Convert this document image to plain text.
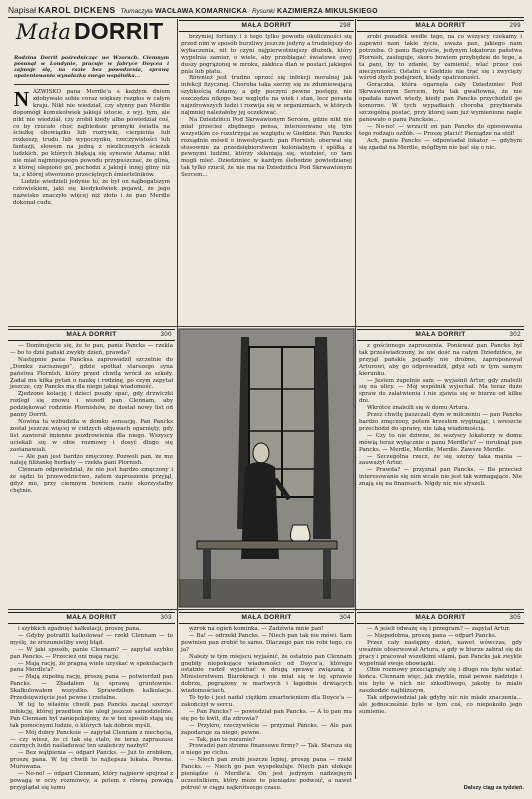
Napisał KAROL DICKENS Tłumaczyła WACŁAWA KOMARNICKA Rysunki KAZIMIERZA MIKULSKIEGO
Mała DORRIT
Rodzina Dorrit pośrednicząc we Wzorach. Ciemnym posunął w Londynie, pracuje w fabryce Doycea i zajmuje się, na razie bez powodzenia, sprawą opatentowania wynalazku swego wspólnika...
N AZWISKO pana Merdle'a s każdym dniem zdobywało sobie coraz większy rozgłos w całym kraju. Nikt nie wiedział, czy słynny pan Merdle dopomógł komukolwiek jakiejś istocie, z wyj. tym, ale nikt nie wiedział, czy zrobił kiedy albo powiedział coś, co by rzucało choć najbledsze promyki światła na ścieżkę obowiązku lub rozrywki, cierpienia lub rozkoszy, trudu lub wypoczynku, rzeczywistości lub fantazji, słowem na jedną z niezliczonych ścieżek ludzkich, po których błąkają się synowie Adama; nikt nie miał najmniejszego powodu przypuszczać, że glina, z której ulepiono go, pochodzi z jakiejś innej gliny niż ta, z której stworzono przeciętnych śmiertelników.

Ludzie wiedzieli jedynie to, że był on najbogatszym człowiekiem, jaki się kiedykolwiek pojawił, że jego nazwisko znaczyło więcej niż złoto i że pan Merdle dokonał cudu.

MAŁA DORRIT	298

brzymiej fortuny i z tego tylko powodu okoliczności się przed nim w sposób burzliwy jeszcze jedyny a trudniejszy do wybaczenia, nit to czyni najpierwotniejszy dłużnik, który wypełnia zamiar, o wiele, aby przebłagać światowe swej duszy pogrążonej w mroku, zakłóca dlań w postaci jakiegoś pnia lub płatu.

Również jest trudno oprzeć się infekcji moralnej jak infekcji fizycznej. Choroba taka szerzy się ze zdumiewającą szybkością dziamy, a gdy poczyni pewne postępy, nie oszczędza nikogo bez względu na wiek i stan, lecz porasta najzdrowszych ludzi i rozwija się w organizmach, w których najmniej należałoby jej oczekiwać.

Na Dziedzińcu Pod Skrwawionym Sercem, gdzie nikt nie miał przecież zbędnego pensa, interesowano się tym wszystkim co rozstrzyga ze względu w Giełdzie. Pan Pancks rozsądnie mówił o inwestycjach: pan Plornish, oberwał się stosownie za przedsiębiorstwem kolonialnym i spółką z pewnymi ludźmi, którzy skłaniają się, wiedzieć, co tam mogli mieć. Dziedziniec w każdym ślebodzie powiedzianej tak tylko rzucił, że nie ma na Dziedzińcu Pod Skrwawionym Sercem...

MAŁA DORRIT	299

zrobi pozadek wedle tego, na co wszyscy czekamy i zapewni nam takie życie, uważa pan, jakiego nam potrzeba. O panu Baptyście, jedynym lokatorze państwa Plornish, zasługuje, skoro bowiem przybędzie do tego, a ta pani, by to zdanie, by zamienić, wlać przez coś nieczynności. Ostatni u Giełdzie nie trać się i zwycięży wśród złych podejrzeń, kiedy opatrzoności.

Gorączka, która ogarnęła cały Dziedziniec Pod Skrwawionym Sercem, była tak gwałtowna, że nie opadała nawet wtedy, kiedy pan Pancks przychodził po komorne. W tych wypadkach choroba przybierała szczególną postać, przy której sam już wymienione nagle panowało o panu Pancksie...

— No-no! — wrzucił on pan Pancks do opiesowania tego rodzaju ozdób. — Proszę płacić! Pieniądze na stół!

Ach, panie Pancks — odpowiadał lokator — gdybym się zgadał na Merdle, mógłbym nie bać się o nic.

MAŁA DORRIT	300

— Dominujecie się, że to pan, panie Pancks — rzekła — bo to dziś pański zwykły dzień, prawda?

Następnie pana Pancksa zaprowadził szczelnie do „Domku zacisznego”, gdzie spotkał starszego syna państwa Plornish, który przed chwilą wrócił ze szkoły. Zadał mu kilka pytań o naukę i rodzinę, po czym zapytał jeszcze, czy Pancks ma dla niego jakąś wiadomość.

Zjedzono kolację i dzieci poszły spać, gdy drzwiczki rozległ się znowu i wszedł pan Clennam, aby podziękować rodzinie Plornishów, że dostał nowy list od panny Dorrit.

Nowina ta wzbudziła w domku sensację. Pan Pancks został jeszcze więcej w cudzych objawach ogarnięty, gdy list zawierał imienne pozdrowienia dla niego. Wszyscy uciekali się w obie rozmowy i dosyć długo się zastanawiali.

— Ale pan jest bardzo zmęczony. Pozwoli pan, że mu naleję filiżankę herbaty — rzekła pani Plornish.

Clennam odpowiedział, że nie jest bardzo zmęczony i że sądzi to przewodnictwo, zatem zaproszenie przyjął, gdyż mu, przy ciemnym bowiem razie skorzystałby chętnie.

MAŁA DORRIT	302

z gościnnego zaproszenia. Ponieważ pan Pancks był tak przeświadczony, że nie dość na całym Dziedzińcu, że przyjął pańskie pojazdy nie drobne, zaproponował Arturowi, aby go odprowadził, gdyż szli w tym samym kierunku.

— Jestem zupełnie sam — wyjaśnił Artur, gdy znaleźli się na ulicy. — Mój wspólnik wyjechał. Ma teraz dużo spraw do załatwienia i nie zjawia się w biurze od kilku dni.

Wkrótce znaleźli się w domu Artura.

Przez chwilę paszczali dym w milczeniu — pan Pancks bardzo zmęczony, potem krzesłem wyginając, i wreszcie przechodzi do sprawy, nie taką wiadomością.

— Czy to nie dziwne, że wszyscy lokatorzy w domu mówią teraz wyłącznie o panu Merdle'u? — mruknął pan Pancks. — Merdle, Merdle, Merdle. Zawsze Merdle.

— Szczególna rzecz, że się szerzy taka mania — zauważył Artur.

— Prawda? — przyznał pan Pancks. — Bo przecież interesowanie się nim wcale nie jest tak wzmagające. Nie znają się na finansach. Nigdy nic nie słyszeli.

MAŁA DORRIT	303

i szybkich zgadnięć kalkulacji, proszę pana.

— Gdyby potrafili kalkulować — rzekł Clennam — to myślę, że zrozumieliby swój błąd.

— W jaki sposób, panie Clennam? — zapytał szybko pan Pancks. — Przecież oni mają rację.

— Mają rację, że pragną wiele uzyskać w spekulacjach pana Merdle'a?

— Mają zupełną rację, proszę pana — potwierdził pan Pancks. — Zbadałem tę sprawę gruntownie. Skalkulowałem wszystko. Sprawdziłem kalkulacje. Przedsięwzięcie jest pewne i rzetelne.

W tej to właśnie chwili pan Pancks zaczął szerzyć infekcję, której przedtem nie uległ jeszcze samodzielnie. Pan Clennam był zaniepokojony, że w ten sposób stają się tak pomocnymi ludzie, o których tak dobrze myśli.

— Mój dobry Pancksie — zapytał Clennam z niechęcią, — czy wiesz, że ci tak się stało, że teraz zapraszasz czarnych ludzi naśladować ten szaleńczy nazbyt?

— Bez wątpienia — odparł Pancks. — Już to zrobiłem, proszę pana. W tej chwili to najlepsza lokata. Pewna. Murowana.

— No-no! — odparł Clennam, który najpierw spojrzał z powagą w oczy rozmówcy, a potem z równą powagą przyglądał się temu

MAŁA DORRIT	304

wzrok na ogień kominka. — Zadziwia mnie pan!

— Ba! — odrzekł Pancks. — Niech pan tak nie mówi. Sam powinien pan zrobić to samo. Dlaczego pan nie robi tego, co ja?

Należy w tym miejscu wyjaśnić, że ostatnio pan Clennam gnębiły niepokojące wiadomości od Doyce'a, którego ostatnio radził wyjechać w drugą sprawę związaną z Ministerstwem Biurokracji i nie miał się w tej sprawie dobrze, pogrążony w martwych i łagodnie drwiących wiadomościach.

To było i jest nadal ciężkim zmartwieniem dla Doyce'a — zakończył w sercu.

— Pan Pancks? — powiedział pan Pancks. — A to pan ma się po to kwit, dla zdrowia?

— Przykro, rzeczywiście — przyznał Pancks. — Ale pan zapodaruje za niego, pewne.

— Tak, pan to rozumie?

Prowadzi pan strome finansowe firmy? — Tak. Starsza się o niego po cichu.

— Niech pan zrobi jeszcze lepiej, proszę pana — rzekł Pancks. — Niech go pan wyspekuluje. Niech pan ulokuje pieniądze u Merdle'a. On jest jedynym nadziejnym uczestnikiem, który może te pieniądze podwoić, a nawet potroić w ciągu najkrótszego czasu.

MAŁA DORRIT	305

— A jeśeli odważę się i przegram? — zapytał Artur.

— Niepodobna, proszę pana — odparł Pancks.

Przez cały następny dzień, nawet wówczas, gdy uważnie obserwował Artura, a gdy w biurze zabrał się do pracy i pracował wszelkimi siłami, pan Pancks jak zwykle wypełniał swoje obowiązki.

Obie rozmowy przeciągnęły się i długo nie było widać końca. Clennam więc, jak zwykle, miał pewne nadzieje i nie było w nich nic szkodliwego, jakoby to miało zaszkodzić najbliższym.

Tak odpowiedział jak gdyby nic nie miało znaczenia... ale jednocześnie było w tym coś, co niepokoiło jego sumienie.

Dalszy ciąg za tydzień.
